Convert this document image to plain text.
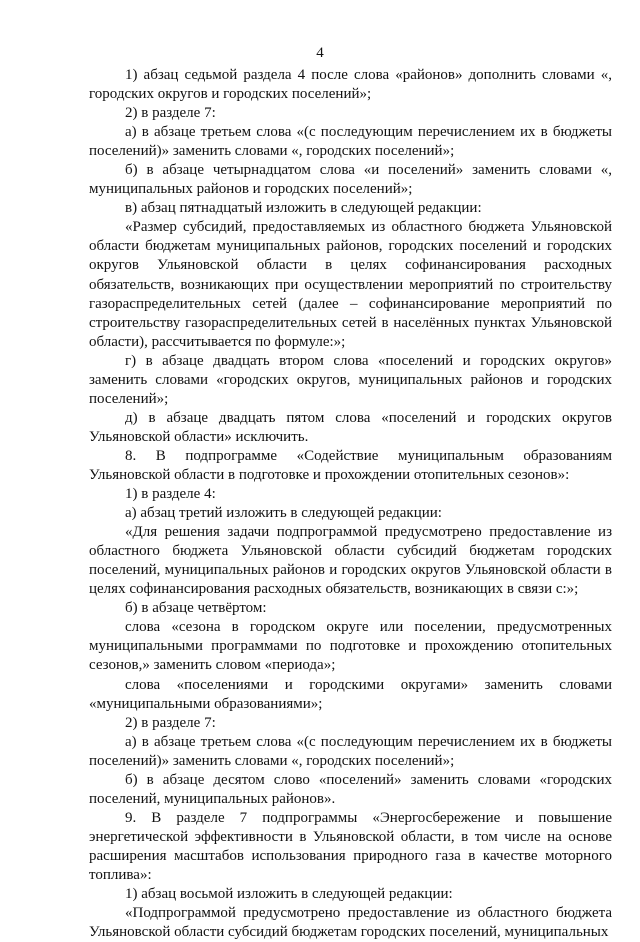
4

1) абзац седьмой раздела 4 после слова «районов» дополнить словами «, городских округов и городских поселений»;

2) в разделе 7:

а) в абзаце третьем слова «(с последующим перечислением их в бюджеты поселений)» заменить словами «, городских поселений»;

б) в абзаце четырнадцатом слова «и поселений» заменить словами «, муниципальных районов и городских поселений»;

в) абзац пятнадцатый изложить в следующей редакции:

«Размер субсидий, предоставляемых из областного бюджета Ульяновской области бюджетам муниципальных районов, городских поселений и городских округов Ульяновской области в целях софинансирования расходных обязательств, возникающих при осуществлении мероприятий по строительству газораспределительных сетей (далее – софинансирование мероприятий по строительству газораспределительных сетей в населённых пунктах Ульяновской области), рассчитывается по формуле:»;

г) в абзаце двадцать втором слова «поселений и городских округов» заменить словами «городских округов, муниципальных районов и городских поселений»;

д) в абзаце двадцать пятом слова «поселений и городских округов Ульяновской области» исключить.

8. В подпрограмме «Содействие муниципальным образованиям Ульяновской области в подготовке и прохождении отопительных сезонов»:

1) в разделе 4:

а) абзац третий изложить в следующей редакции:

«Для решения задачи подпрограммой предусмотрено предоставление из областного бюджета Ульяновской области субсидий бюджетам городских поселений, муниципальных районов и городских округов Ульяновской области в целях софинансирования расходных обязательств, возникающих в связи с:»;

б) в абзаце четвёртом:

слова «сезона в городском округе или поселении, предусмотренных муниципальными программами по подготовке и прохождению отопительных сезонов,» заменить словом «периода»;

слова «поселениями и городскими округами» заменить словами «муниципальными образованиями»;

2) в разделе 7:

а) в абзаце третьем слова «(с последующим перечислением их в бюджеты поселений)» заменить словами «, городских поселений»;

б) в абзаце десятом слово «поселений» заменить словами «городских поселений, муниципальных районов».

9. В разделе 7 подпрограммы «Энергосбережение и повышение энергетической эффективности в Ульяновской области, в том числе на основе расширения масштабов использования природного газа в качестве моторного топлива»:

1) абзац восьмой изложить в следующей редакции:

«Подпрограммой предусмотрено предоставление из областного бюджета Ульяновской области субсидий бюджетам городских поселений, муниципальных
